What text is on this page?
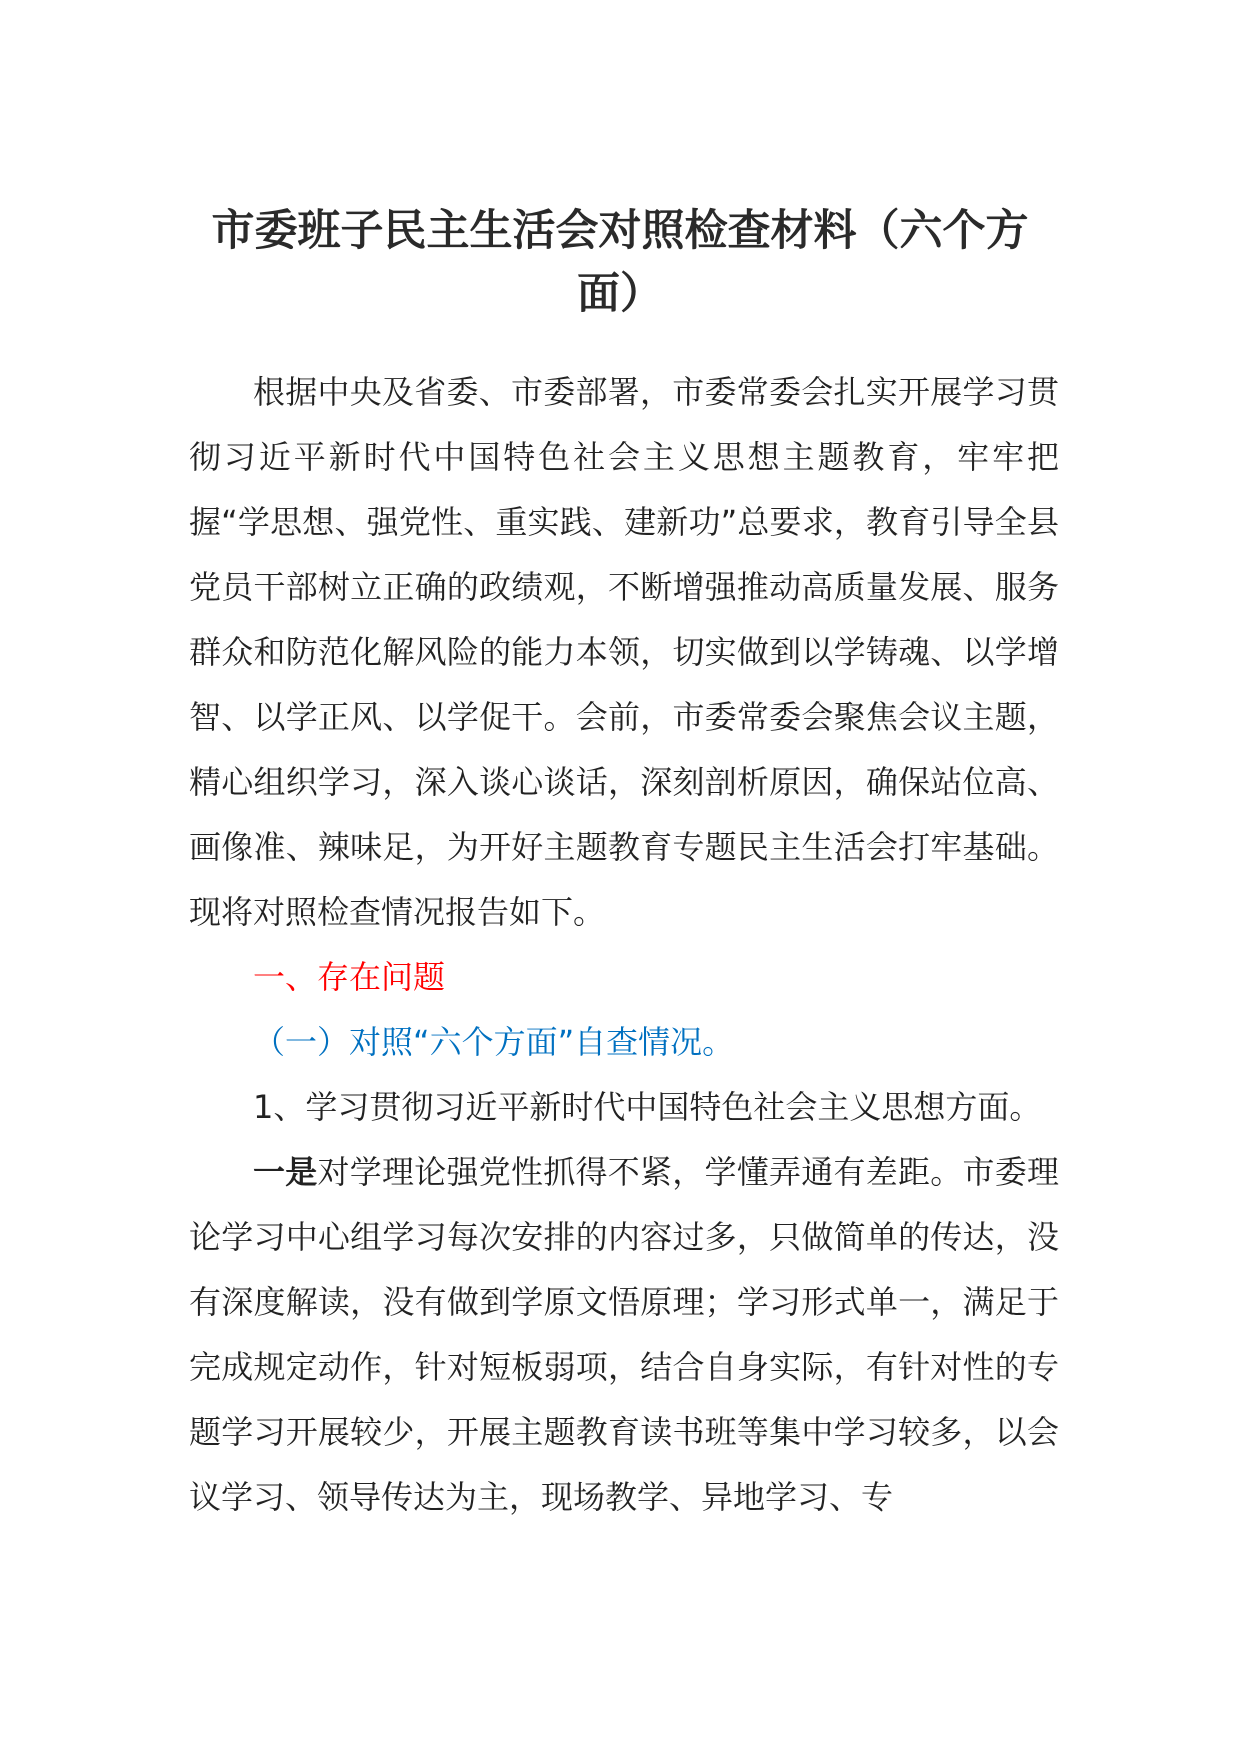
市委班子民主生活会对照检查材料（六个方面）

根据中央及省委、市委部署，市委常委会扎实开展学习贯彻习近平新时代中国特色社会主义思想主题教育，牢牢把握“学思想、强党性、重实践、建新功”总要求，教育引导全县党员干部树立正确的政绩观，不断增强推动高质量发展、服务群众和防范化解风险的能力本领，切实做到以学铸魂、以学增智、以学正风、以学促干。会前，市委常委会聚焦会议主题，精心组织学习，深入谈心谈话，深刻剖析原因，确保站位高、画像准、辣味足，为开好主题教育专题民主生活会打牢基础。现将对照检查情况报告如下。

一、存在问题

（一）对照“六个方面”自查情况。

1、学习贯彻习近平新时代中国特色社会主义思想方面。

一是对学理论强党性抓得不紧，学懂弄通有差距。市委理论学习中心组学习每次安排的内容过多，只做简单的传达，没有深度解读，没有做到学原文悟原理；学习形式单一，满足于完成规定动作，针对短板弱项，结合自身实际，有针对性的专题学习开展较少，开展主题教育读书班等集中学习较多，以会议学习、领导传达为主，现场教学、异地学习、专
